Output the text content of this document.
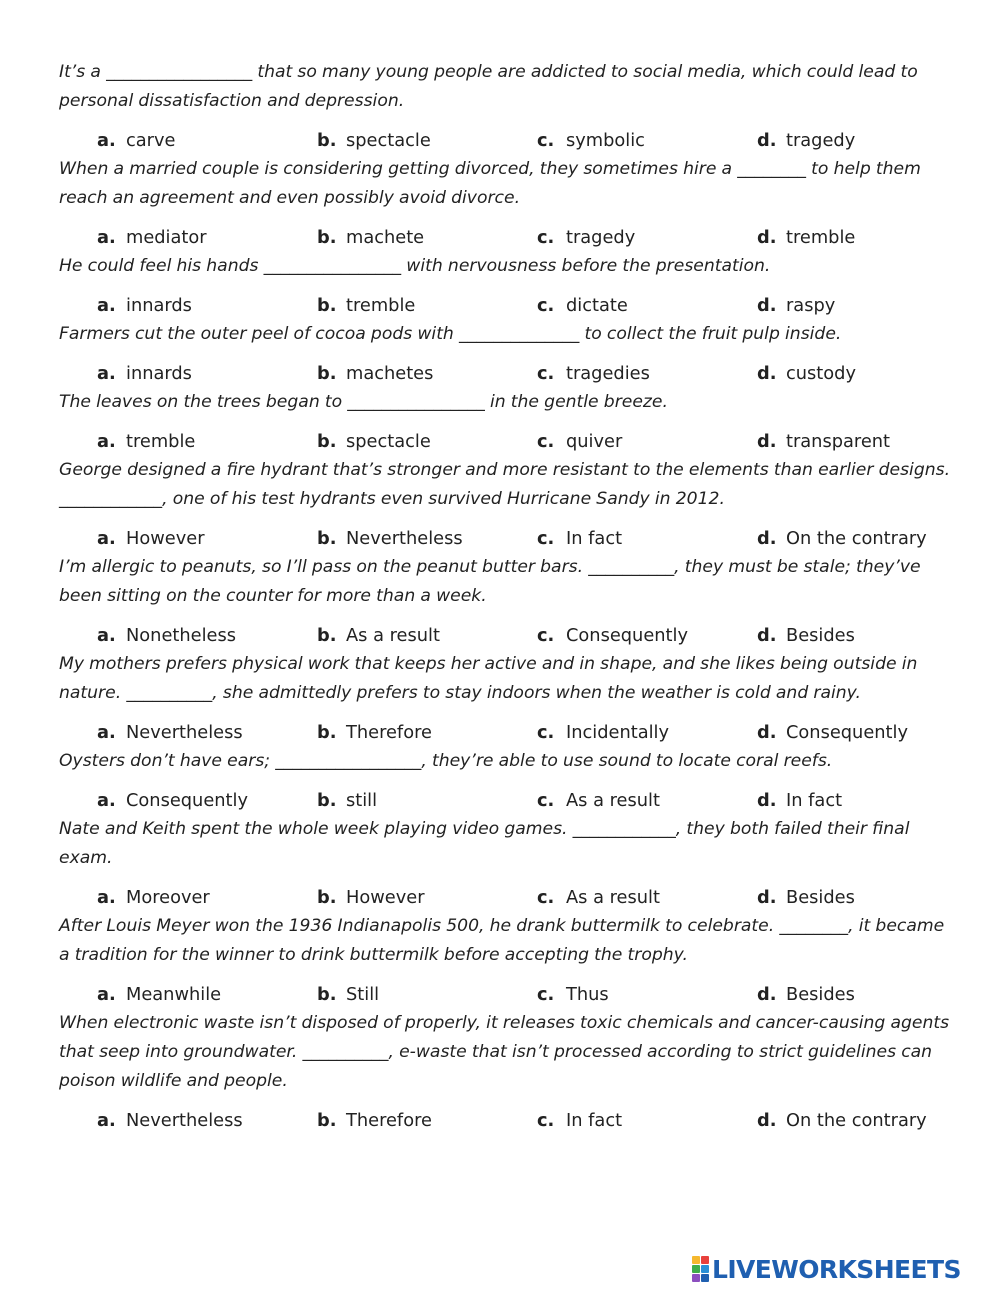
It’s a _________________ that so many young people are addicted to social media, which could lead to personal dissatisfaction and depression.

a. carve	b. spectacle	c. symbolic	d. tragedy

When a married couple is considering getting divorced, they sometimes hire a ________ to help them reach an agreement and even possibly avoid divorce.

a. mediator	b. machete	c. tragedy	d. tremble

He could feel his hands ________________ with nervousness before the presentation.

a. innards	b. tremble	c. dictate	d. raspy

Farmers cut the outer peel of cocoa pods with ______________ to collect the fruit pulp inside.

a. innards	b. machetes	c. tragedies	d. custody

The leaves on the trees began to ________________ in the gentle breeze.

a. tremble	b. spectacle	c. quiver	d. transparent

George designed a fire hydrant that’s stronger and more resistant to the elements than earlier designs. ____________, one of his test hydrants even survived Hurricane Sandy in 2012.

a. However	b. Nevertheless	c. In fact	d. On the contrary

I’m allergic to peanuts, so I’ll pass on the peanut butter bars. __________, they must be stale; they’ve been sitting on the counter for more than a week.

a. Nonetheless	b. As a result	c. Consequently	d. Besides

My mothers prefers physical work that keeps her active and in shape, and she likes being outside in nature. __________, she admittedly prefers to stay indoors when the weather is cold and rainy.

a. Nevertheless	b. Therefore	c. Incidentally	d. Consequently

Oysters don’t have ears; _________________, they’re able to use sound to locate coral reefs.

a. Consequently	b. still	c. As a result	d. In fact

Nate and Keith spent the whole week playing video games. ____________, they both failed their final exam.

a. Moreover	b. However	c. As a result	d. Besides

After Louis Meyer won the 1936 Indianapolis 500, he drank buttermilk to celebrate. ________, it became a tradition for the winner to drink buttermilk before accepting the trophy.

a. Meanwhile	b. Still	c. Thus	d. Besides

When electronic waste isn’t disposed of properly, it releases toxic chemicals and cancer-causing agents that seep into groundwater. __________, e-waste that isn’t processed according to strict guidelines can poison wildlife and people.

a. Nevertheless	b. Therefore	c. In fact	d. On the contrary
LIVEWORKSHEETS
